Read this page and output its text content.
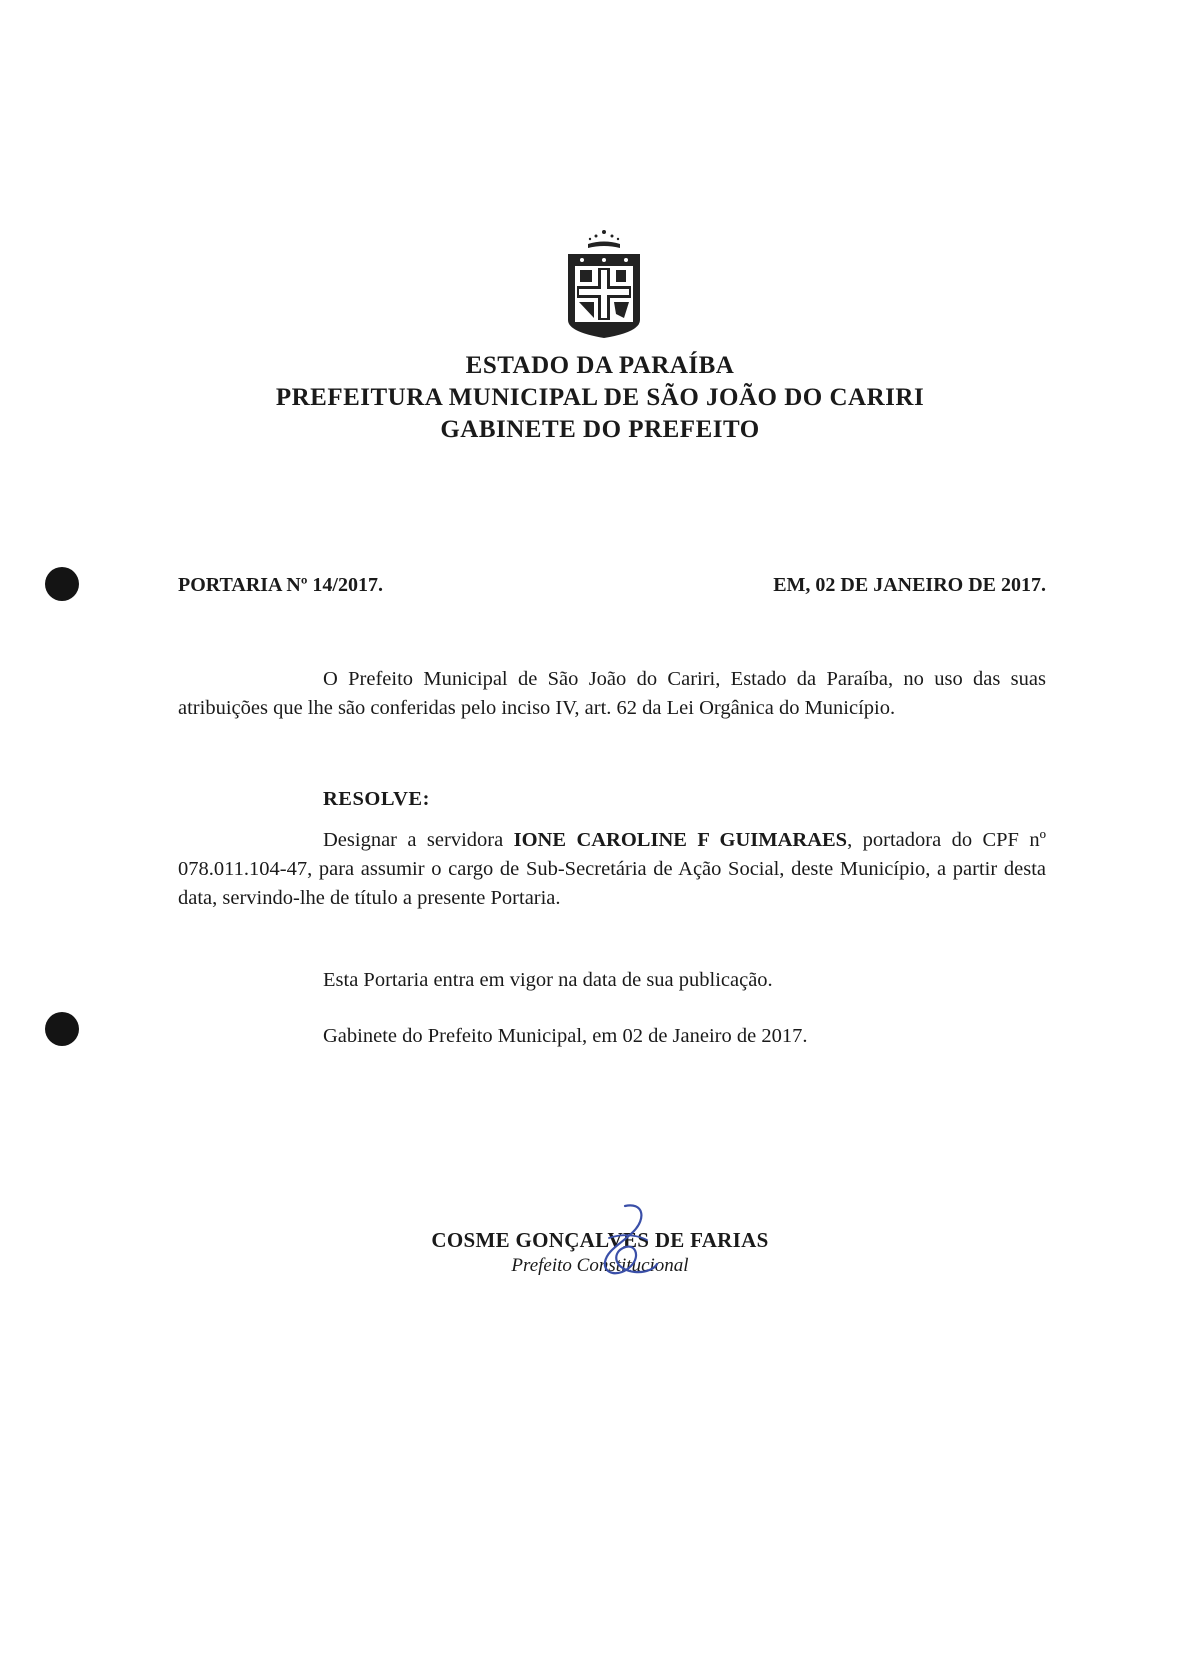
ESTADO DA PARAÍBA
PREFEITURA MUNICIPAL DE SÃO JOÃO DO CARIRI
GABINETE DO PREFEITO
PORTARIA Nº 14/2017.	EM, 02 DE JANEIRO DE 2017.

O Prefeito Municipal de São João do Cariri, Estado da Paraíba, no uso das suas atribuições que lhe são conferidas pelo inciso IV, art. 62 da Lei Orgânica do Município.

RESOLVE:

Designar a servidora IONE CAROLINE F GUIMARAES, portadora do CPF nº 078.011.104-47, para assumir o cargo de Sub-Secretária de Ação Social, deste Município, a partir desta data, servindo-lhe de título a presente Portaria.

Esta Portaria entra em vigor na data de sua publicação.
Gabinete do Prefeito Municipal, em 02 de Janeiro de 2017.
COSME GONÇALVES DE FARIAS
Prefeito Constitucional
